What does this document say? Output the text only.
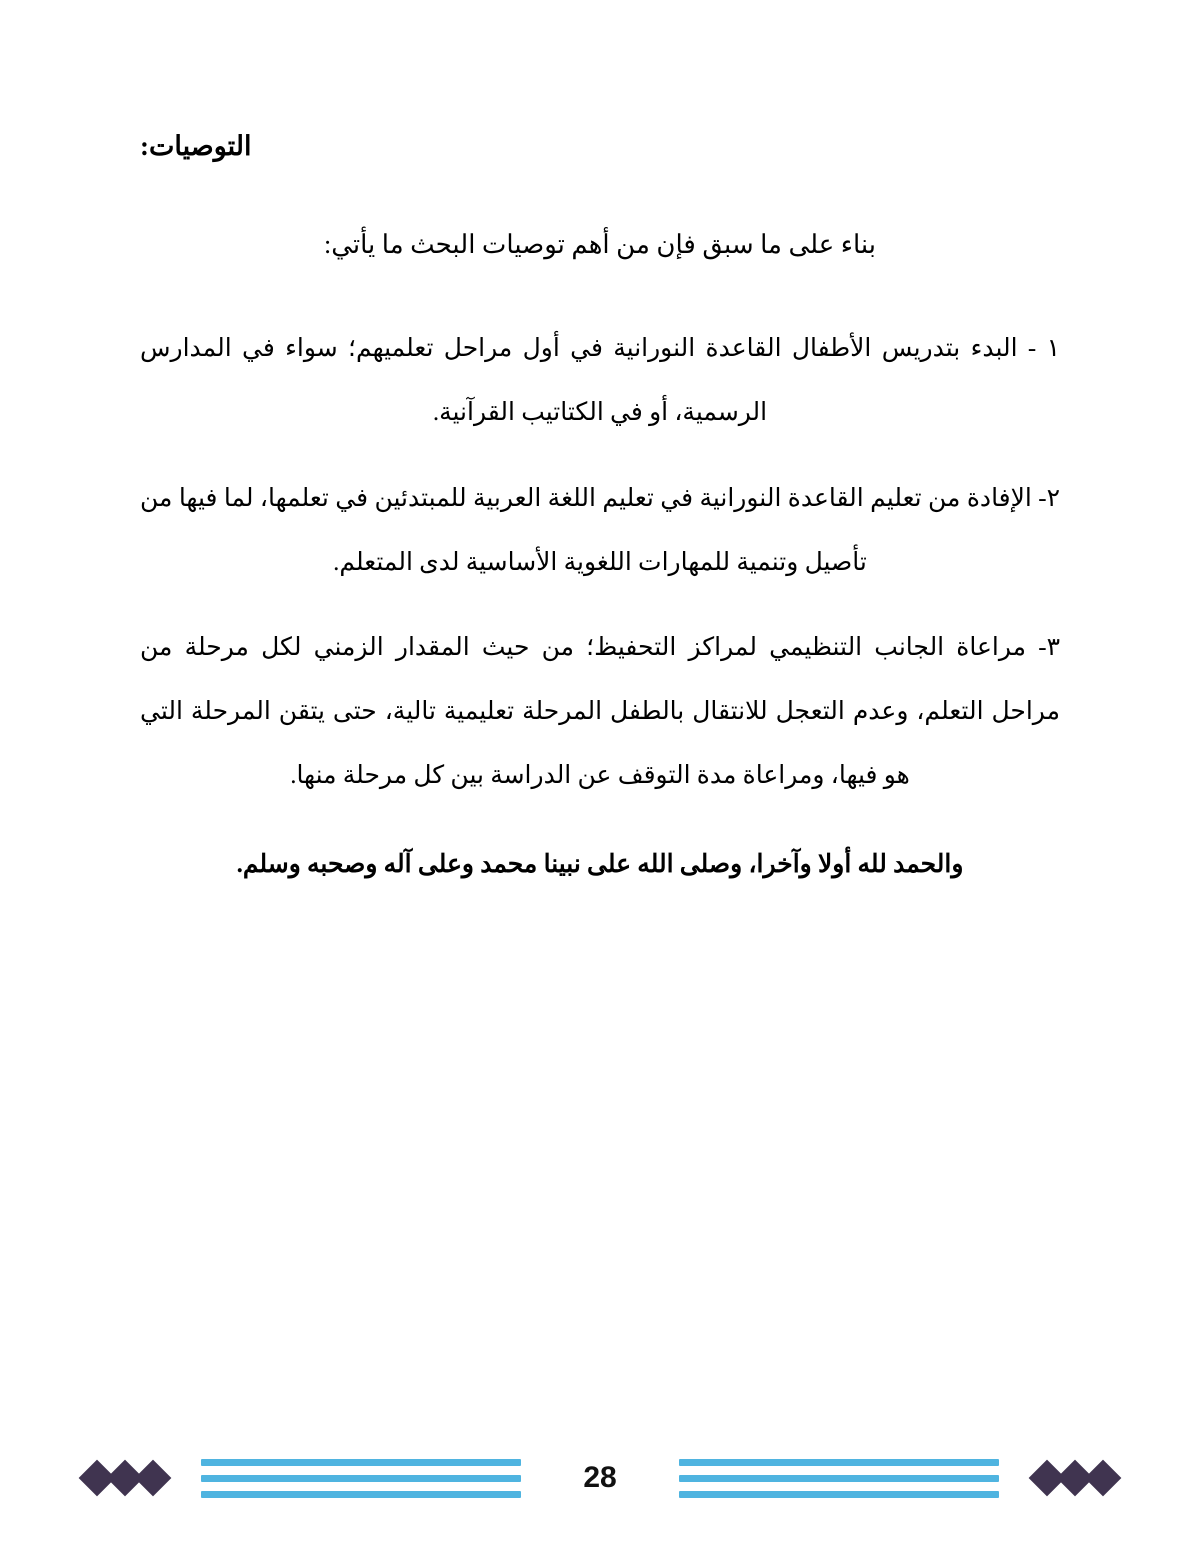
التوصيات:

بناء على ما سبق فإن من أهم توصيات البحث ما يأتي:

١ - البدء بتدريس الأطفال القاعدة النورانية في أول مراحل تعلميهم؛ سواء في المدارس الرسمية، أو في الكتاتيب القرآنية.

٢- الإفادة من تعليم القاعدة النورانية في تعليم اللغة العربية للمبتدئين في تعلمها، لما فيها من تأصيل وتنمية للمهارات اللغوية الأساسية لدى المتعلم.

٣- مراعاة الجانب التنظيمي لمراكز التحفيظ؛ من حيث المقدار الزمني لكل مرحلة من مراحل التعلم، وعدم التعجل للانتقال بالطفل المرحلة تعليمية تالية، حتى يتقن المرحلة التي هو فيها، ومراعاة مدة التوقف عن الدراسة بين كل مرحلة منها.

والحمد لله أولا وآخرا، وصلى الله على نبينا محمد وعلى آله وصحبه وسلم.

28
